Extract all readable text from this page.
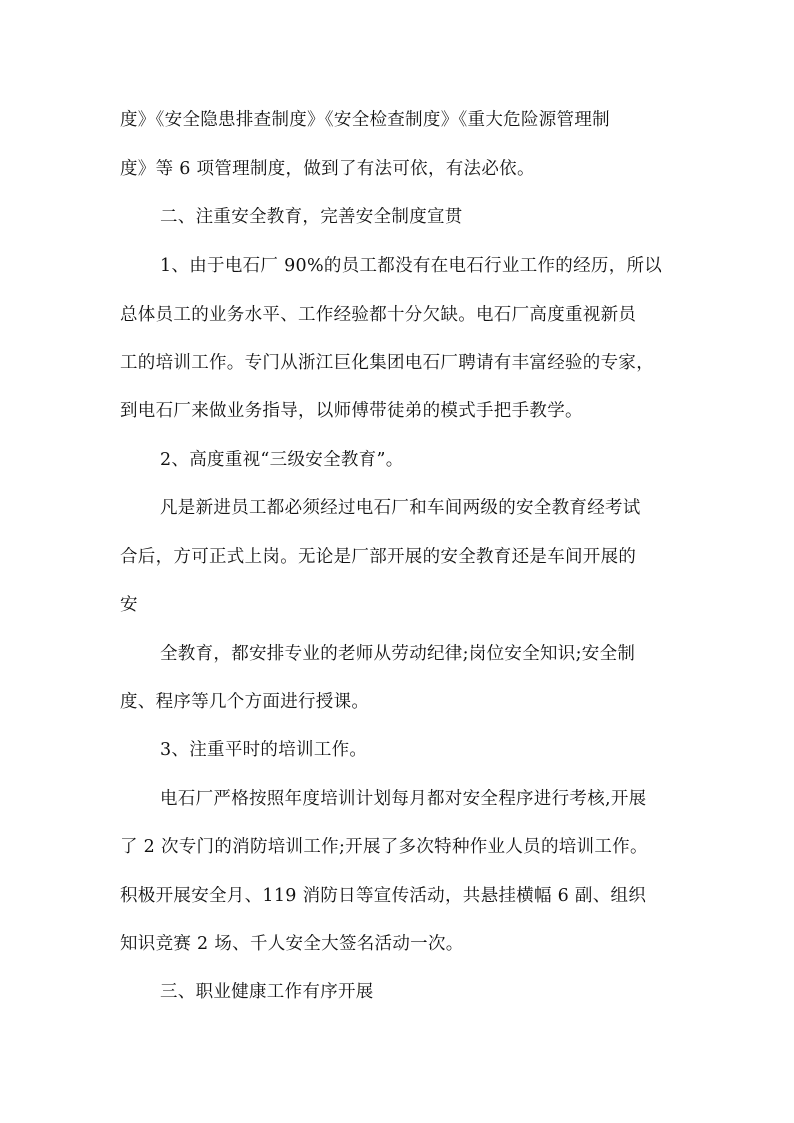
度》《安全隐患排查制度》《安全检查制度》《重大危险源管理制
度》等 6 项管理制度，做到了有法可依，有法必依。
二、注重安全教育，完善安全制度宣贯
1、由于电石厂 90%的员工都没有在电石行业工作的经历，所以
总体员工的业务水平、工作经验都十分欠缺。电石厂高度重视新员
工的培训工作。专门从浙江巨化集团电石厂聘请有丰富经验的专家，
到电石厂来做业务指导，以师傅带徒弟的模式手把手教学。
2、高度重视“三级安全教育”。
凡是新进员工都必须经过电石厂和车间两级的安全教育经考试
合后，方可正式上岗。无论是厂部开展的安全教育还是车间开展的
安
全教育，都安排专业的老师从劳动纪律;岗位安全知识;安全制
度、程序等几个方面进行授课。
3、注重平时的培训工作。
电石厂严格按照年度培训计划每月都对安全程序进行考核,开展
了 2 次专门的消防培训工作;开展了多次特种作业人员的培训工作。
积极开展安全月、119 消防日等宣传活动，共悬挂横幅 6 副、组织
知识竞赛 2 场、千人安全大签名活动一次。
三、职业健康工作有序开展
